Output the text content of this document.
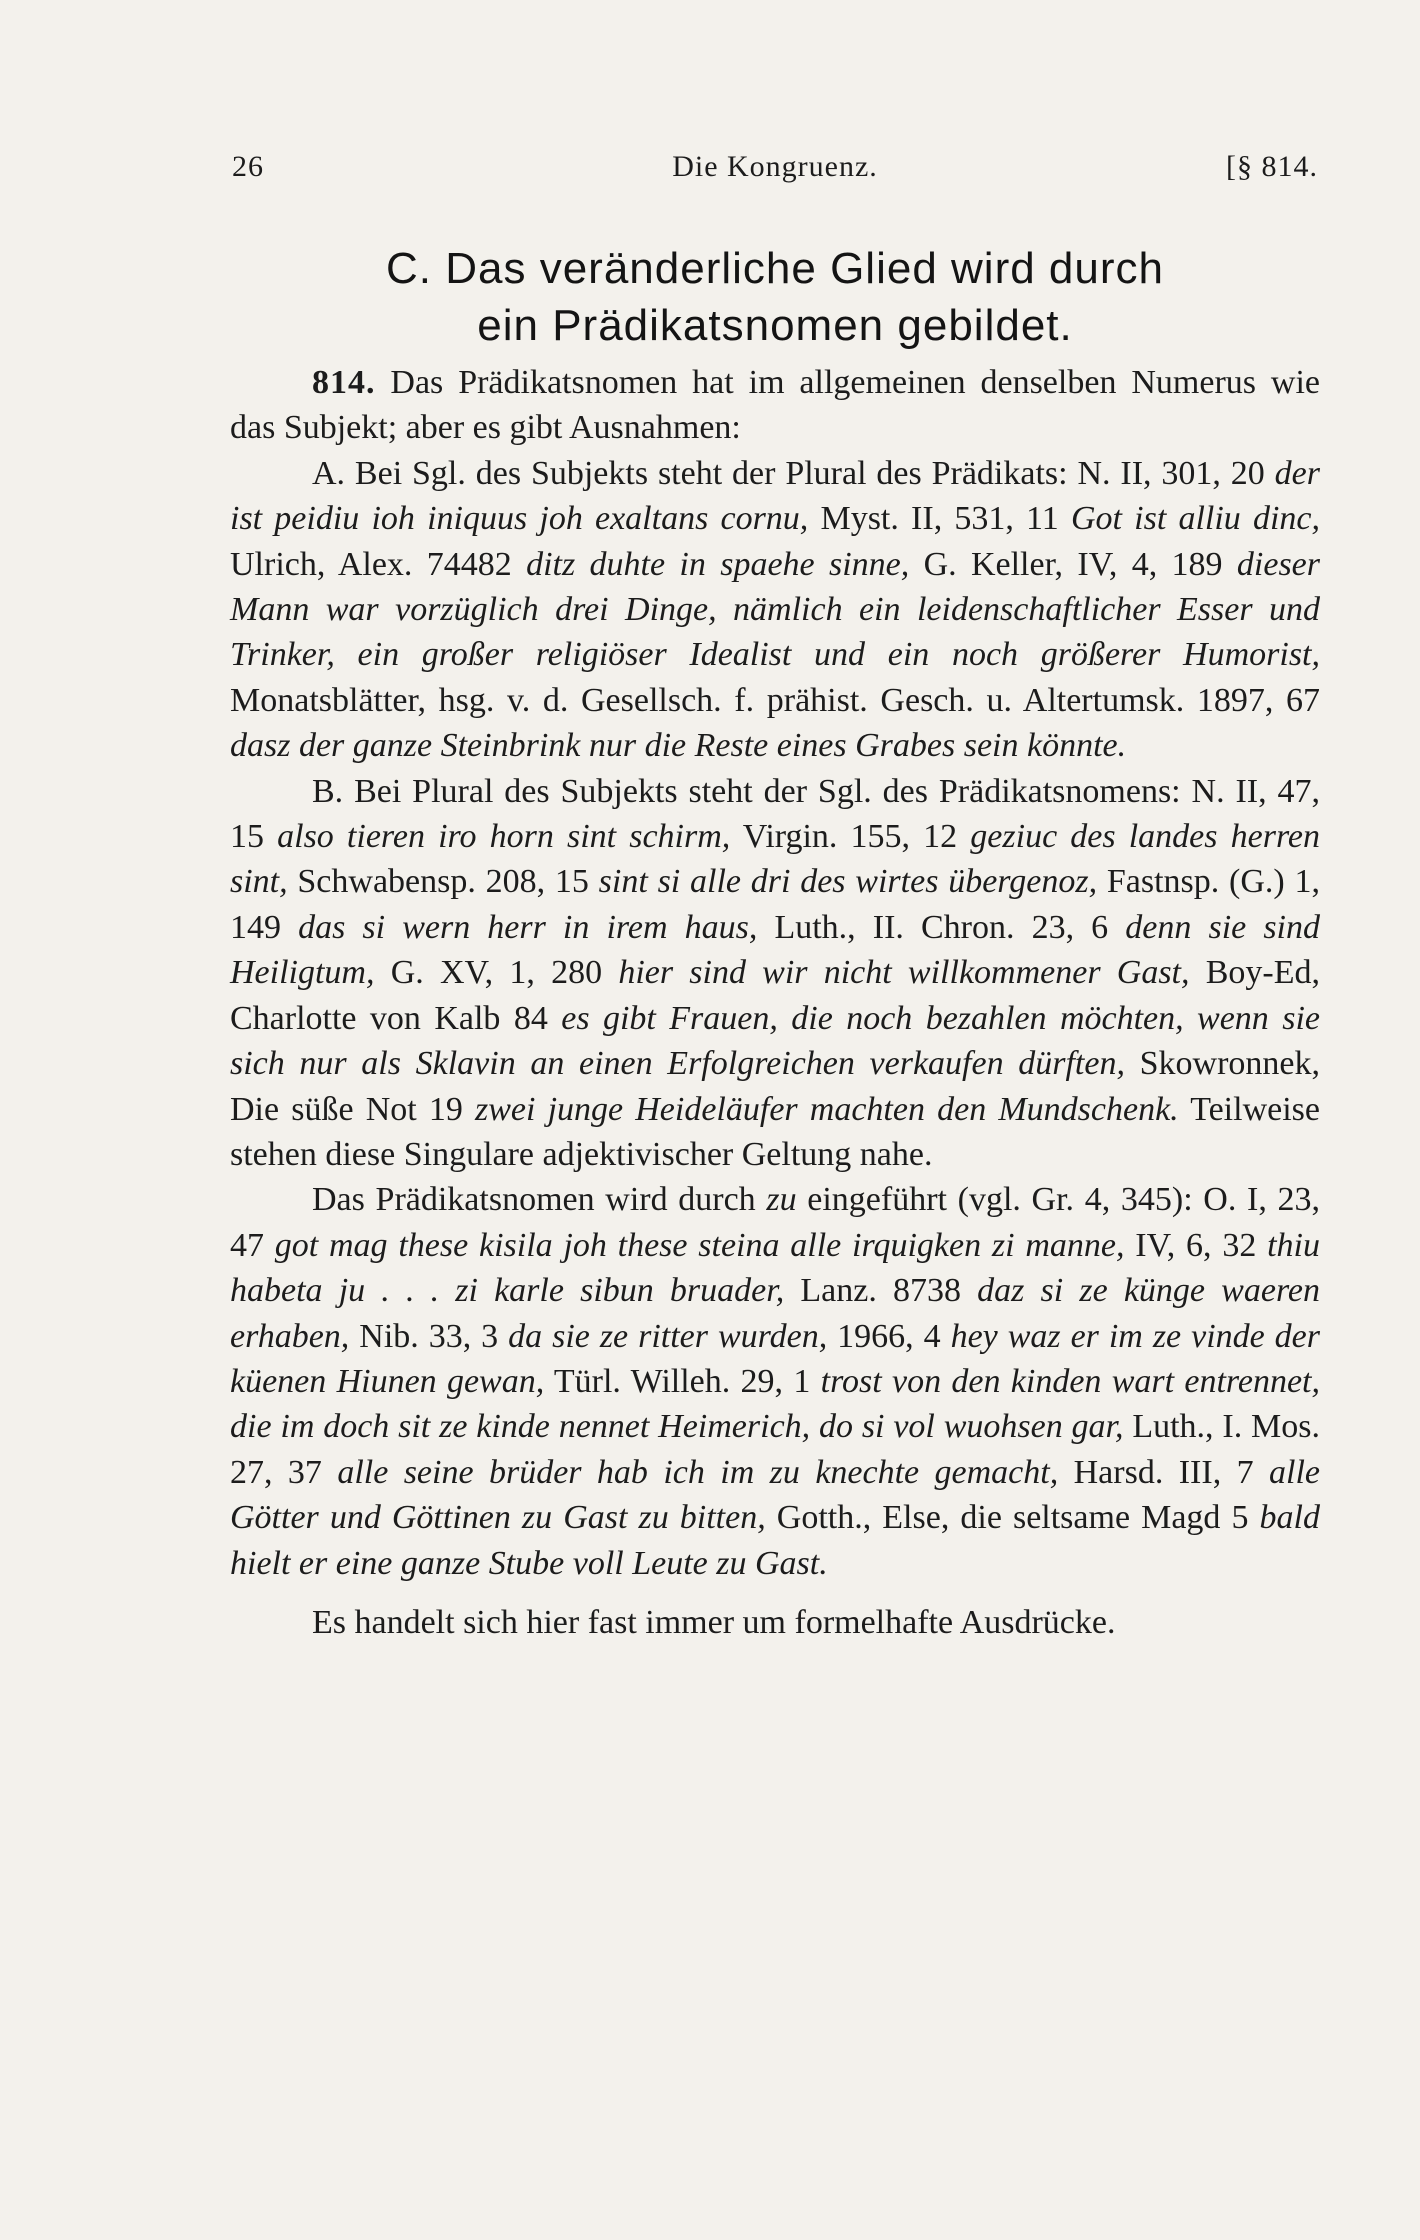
26	Die Kongruenz.	[§ 814.
C. Das veränderliche Glied wird durch
ein Prädikatsnomen gebildet.

814. Das Prädikatsnomen hat im allgemeinen denselben Numerus wie das Subjekt; aber es gibt Ausnahmen:

A. Bei Sgl. des Subjekts steht der Plural des Prädikats: N. II, 301, 20 der ist peidiu ioh iniquus joh exaltans cornu, Myst. II, 531, 11 Got ist alliu dinc, Ulrich, Alex. 74482 ditz duhte in spaehe sinne, G. Keller, IV, 4, 189 dieser Mann war vorzüglich drei Dinge, nämlich ein leidenschaftlicher Esser und Trinker, ein großer religiöser Idealist und ein noch größerer Humorist, Monatsblätter, hsg. v. d. Gesellsch. f. prähist. Gesch. u. Altertumsk. 1897, 67 dasz der ganze Steinbrink nur die Reste eines Grabes sein könnte.

B. Bei Plural des Subjekts steht der Sgl. des Prädikatsnomens: N. II, 47, 15 also tieren iro horn sint schirm, Virgin. 155, 12 geziuc des landes herren sint, Schwabensp. 208, 15 sint si alle dri des wirtes übergenoz, Fastnsp. (G.) 1, 149 das si wern herr in irem haus, Luth., II. Chron. 23, 6 denn sie sind Heiligtum, G. XV, 1, 280 hier sind wir nicht willkommener Gast, Boy-Ed, Charlotte von Kalb 84 es gibt Frauen, die noch bezahlen möchten, wenn sie sich nur als Sklavin an einen Erfolgreichen verkaufen dürften, Skowronnek, Die süße Not 19 zwei junge Heideläufer machten den Mundschenk. Teilweise stehen diese Singulare adjektivischer Geltung nahe.

Das Prädikatsnomen wird durch zu eingeführt (vgl. Gr. 4, 345): O. I, 23, 47 got mag these kisila joh these steina alle irquigken zi manne, IV, 6, 32 thiu habeta ju . . . zi karle sibun bruader, Lanz. 8738 daz si ze künge waeren erhaben, Nib. 33, 3 da sie ze ritter wurden, 1966, 4 hey waz er im ze vinde der küenen Hiunen gewan, Türl. Willeh. 29, 1 trost von den kinden wart entrennet, die im doch sit ze kinde nennet Heimerich, do si vol wuohsen gar, Luth., I. Mos. 27, 37 alle seine brüder hab ich im zu knechte gemacht, Harsd. III, 7 alle Götter und Göttinen zu Gast zu bitten, Gotth., Else, die seltsame Magd 5 bald hielt er eine ganze Stube voll Leute zu Gast.

Es handelt sich hier fast immer um formelhafte Ausdrücke.
